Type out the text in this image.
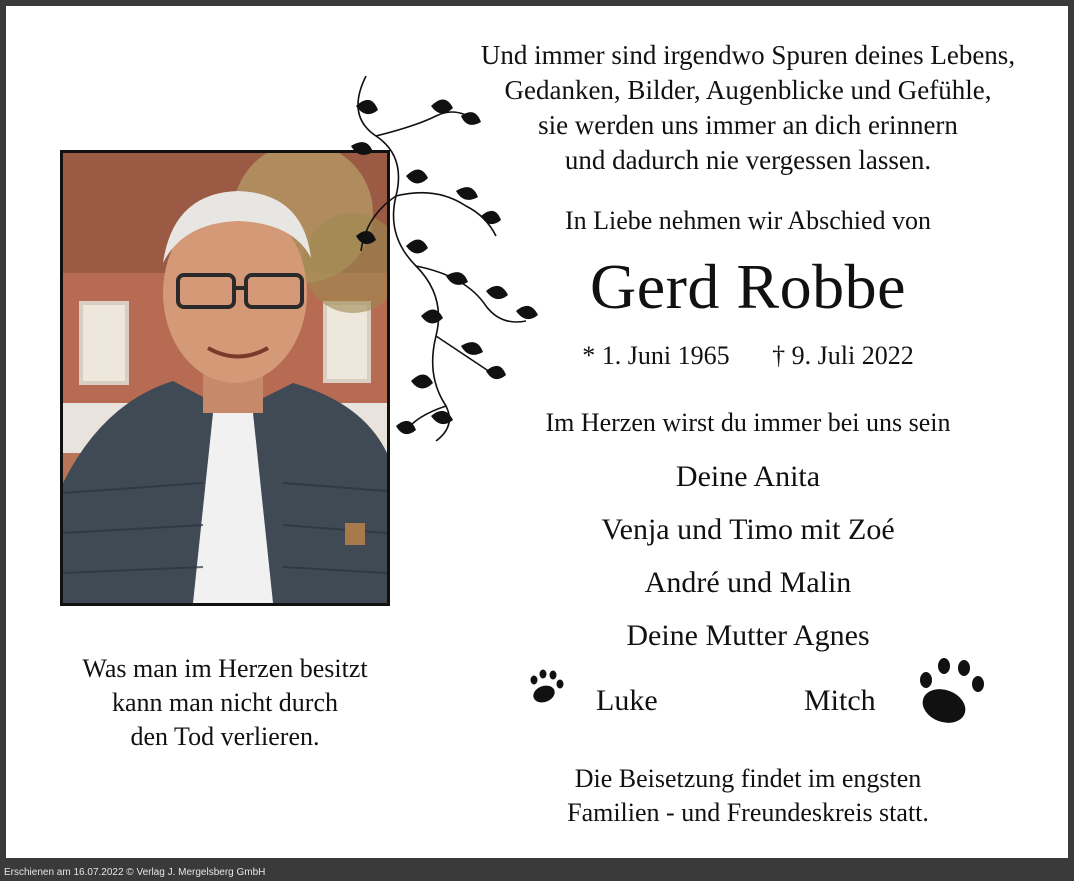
Und immer sind irgendwo Spuren deines Lebens,
Gedanken, Bilder, Augenblicke und Gefühle,
sie werden uns immer an dich erinnern
und dadurch nie vergessen lassen.
In Liebe nehmen wir Abschied von
Gerd Robbe
* 1. Juni 1965 † 9. Juli 2022
Im Herzen wirst du immer bei uns sein
Deine Anita
Venja und Timo mit Zoé
André und Malin
Deine Mutter Agnes
Luke	Mitch
Die Beisetzung findet im engsten
Familien - und Freundeskreis statt.
Was man im Herzen besitzt
kann man nicht durch
den Tod verlieren.
Erschienen am 16.07.2022 © Verlag J. Mergelsberg GmbH
